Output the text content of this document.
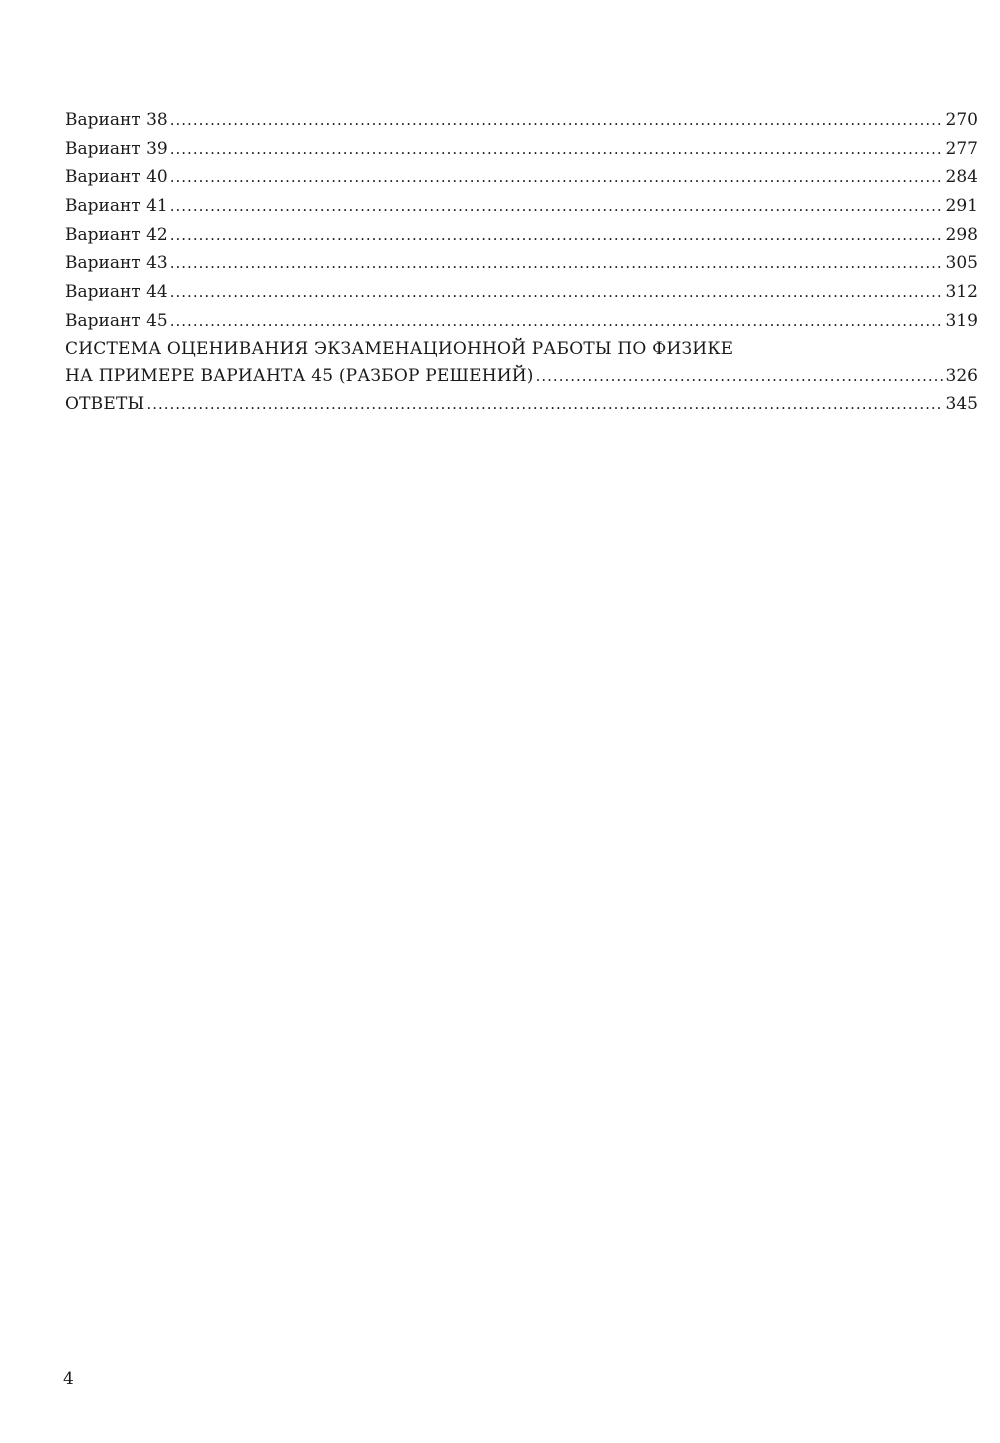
Вариант 38 .....	270
Вариант 39 .....	277
Вариант 40 .....	284
Вариант 41 .....	291
Вариант 42 .....	298
Вариант 43 .....	305
Вариант 44 .....	312
Вариант 45 .....	319
СИСТЕМА ОЦЕНИВАНИЯ ЭКЗАМЕНАЦИОННОЙ РАБОТЫ ПО ФИЗИКЕ
НА ПРИМЕРЕ ВАРИАНТА 45 (РАЗБОР РЕШЕНИЙ) .....	326
ОТВЕТЫ .....	345
4
